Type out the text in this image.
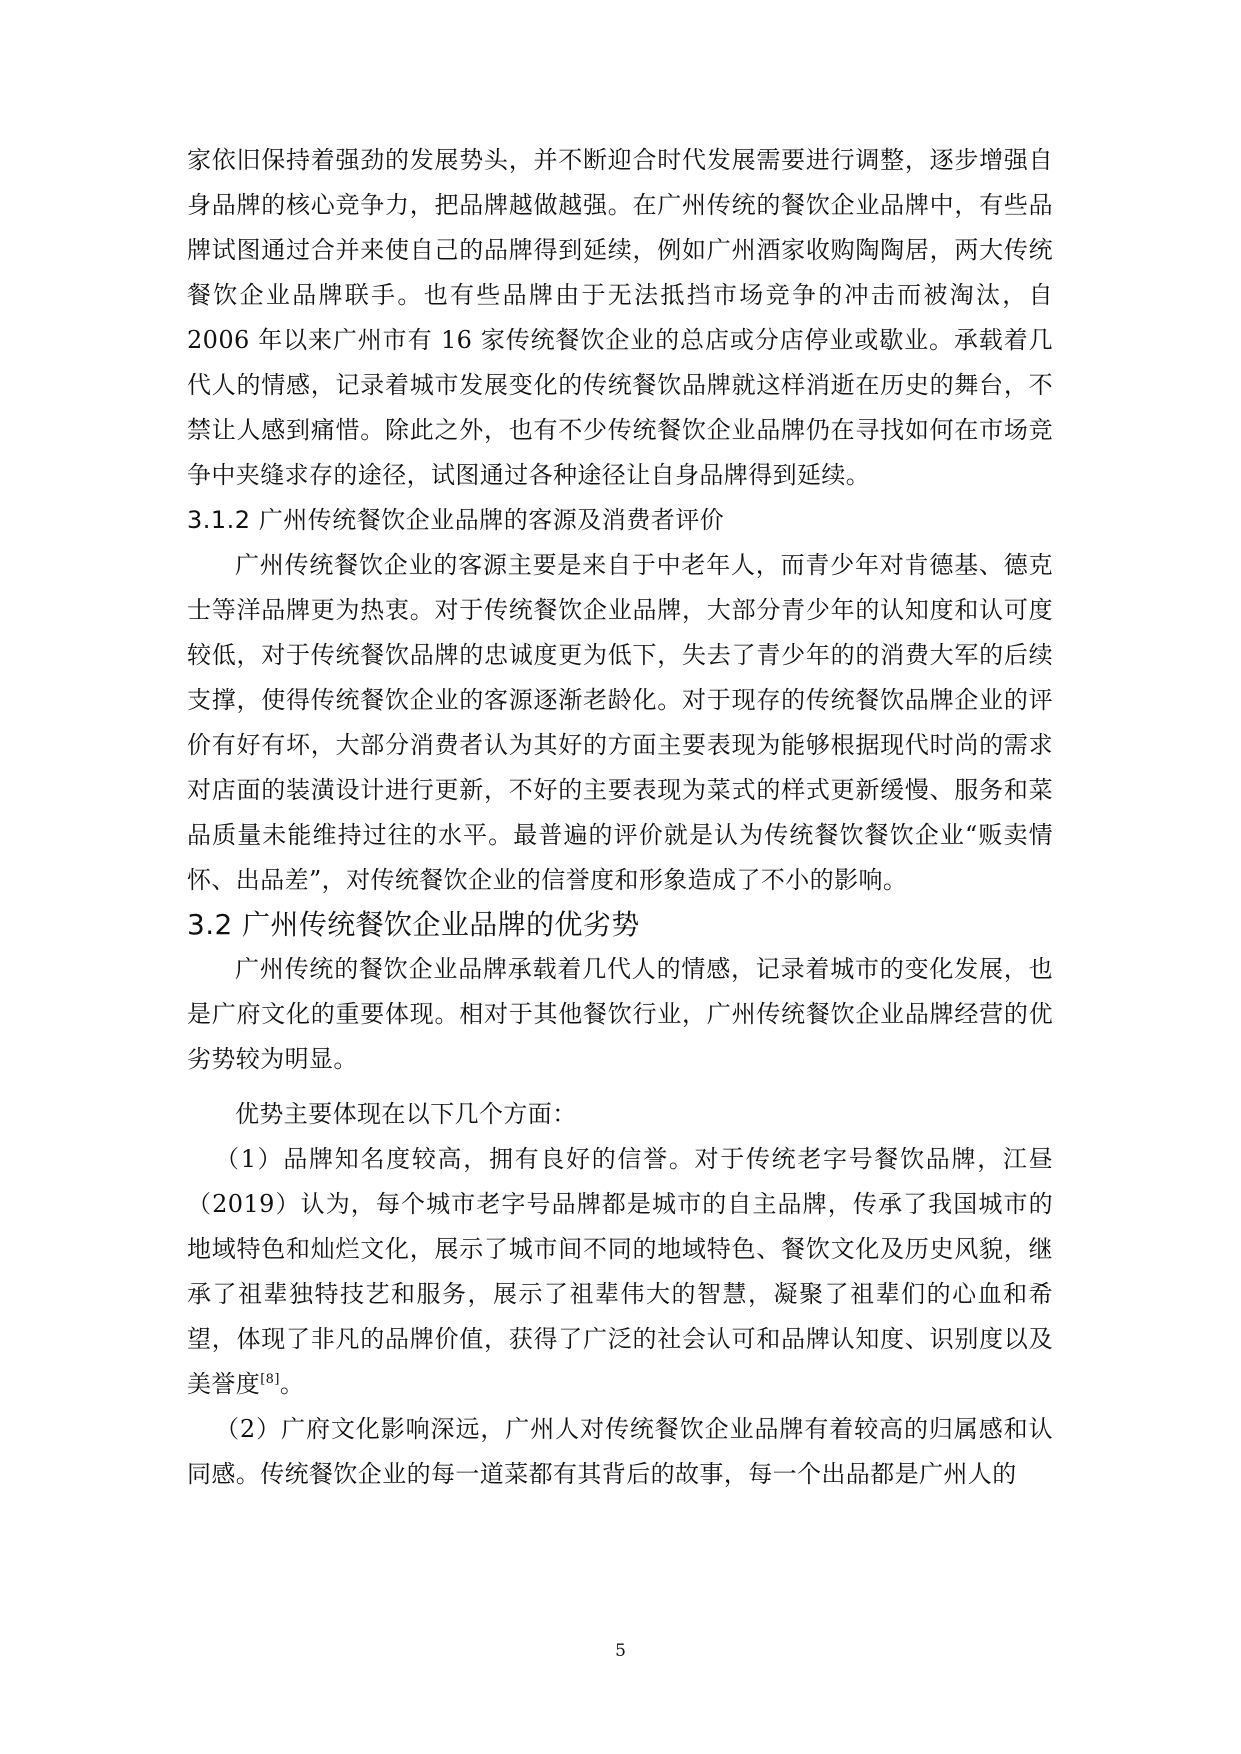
家依旧保持着强劲的发展势头，并不断迎合时代发展需要进行调整，逐步增强自身品牌的核心竞争力，把品牌越做越强。在广州传统的餐饮企业品牌中，有些品牌试图通过合并来使自己的品牌得到延续，例如广州酒家收购陶陶居，两大传统餐饮企业品牌联手。也有些品牌由于无法抵挡市场竞争的冲击而被淘汰，自 2006 年以来广州市有 16 家传统餐饮企业的总店或分店停业或歇业。承载着几代人的情感，记录着城市发展变化的传统餐饮品牌就这样消逝在历史的舞台，不禁让人感到痛惜。除此之外，也有不少传统餐饮企业品牌仍在寻找如何在市场竞争中夹缝求存的途径，试图通过各种途径让自身品牌得到延续。

3.1.2 广州传统餐饮企业品牌的客源及消费者评价

广州传统餐饮企业的客源主要是来自于中老年人，而青少年对肯德基、德克士等洋品牌更为热衷。对于传统餐饮企业品牌，大部分青少年的认知度和认可度较低，对于传统餐饮品牌的忠诚度更为低下，失去了青少年的的消费大军的后续支撑，使得传统餐饮企业的客源逐渐老龄化。对于现存的传统餐饮品牌企业的评价有好有坏，大部分消费者认为其好的方面主要表现为能够根据现代时尚的需求对店面的装潢设计进行更新，不好的主要表现为菜式的样式更新缓慢、服务和菜品质量未能维持过往的水平。最普遍的评价就是认为传统餐饮餐饮企业“贩卖情怀、出品差”，对传统餐饮企业的信誉度和形象造成了不小的影响。

3.2 广州传统餐饮企业品牌的优劣势

广州传统的餐饮企业品牌承载着几代人的情感，记录着城市的变化发展，也是广府文化的重要体现。相对于其他餐饮行业，广州传统餐饮企业品牌经营的优劣势较为明显。

优势主要体现在以下几个方面：

（1）品牌知名度较高，拥有良好的信誉。对于传统老字号餐饮品牌，江昼（2019）认为，每个城市老字号品牌都是城市的自主品牌，传承了我国城市的地域特色和灿烂文化，展示了城市间不同的地域特色、餐饮文化及历史风貌，继承了祖辈独特技艺和服务，展示了祖辈伟大的智慧，凝聚了祖辈们的心血和希望，体现了非凡的品牌价值，获得了广泛的社会认可和品牌认知度、识别度以及美誉度[8]。

（2）广府文化影响深远，广州人对传统餐饮企业品牌有着较高的归属感和认同感。传统餐饮企业的每一道菜都有其背后的故事，每一个出品都是广州人的

5
